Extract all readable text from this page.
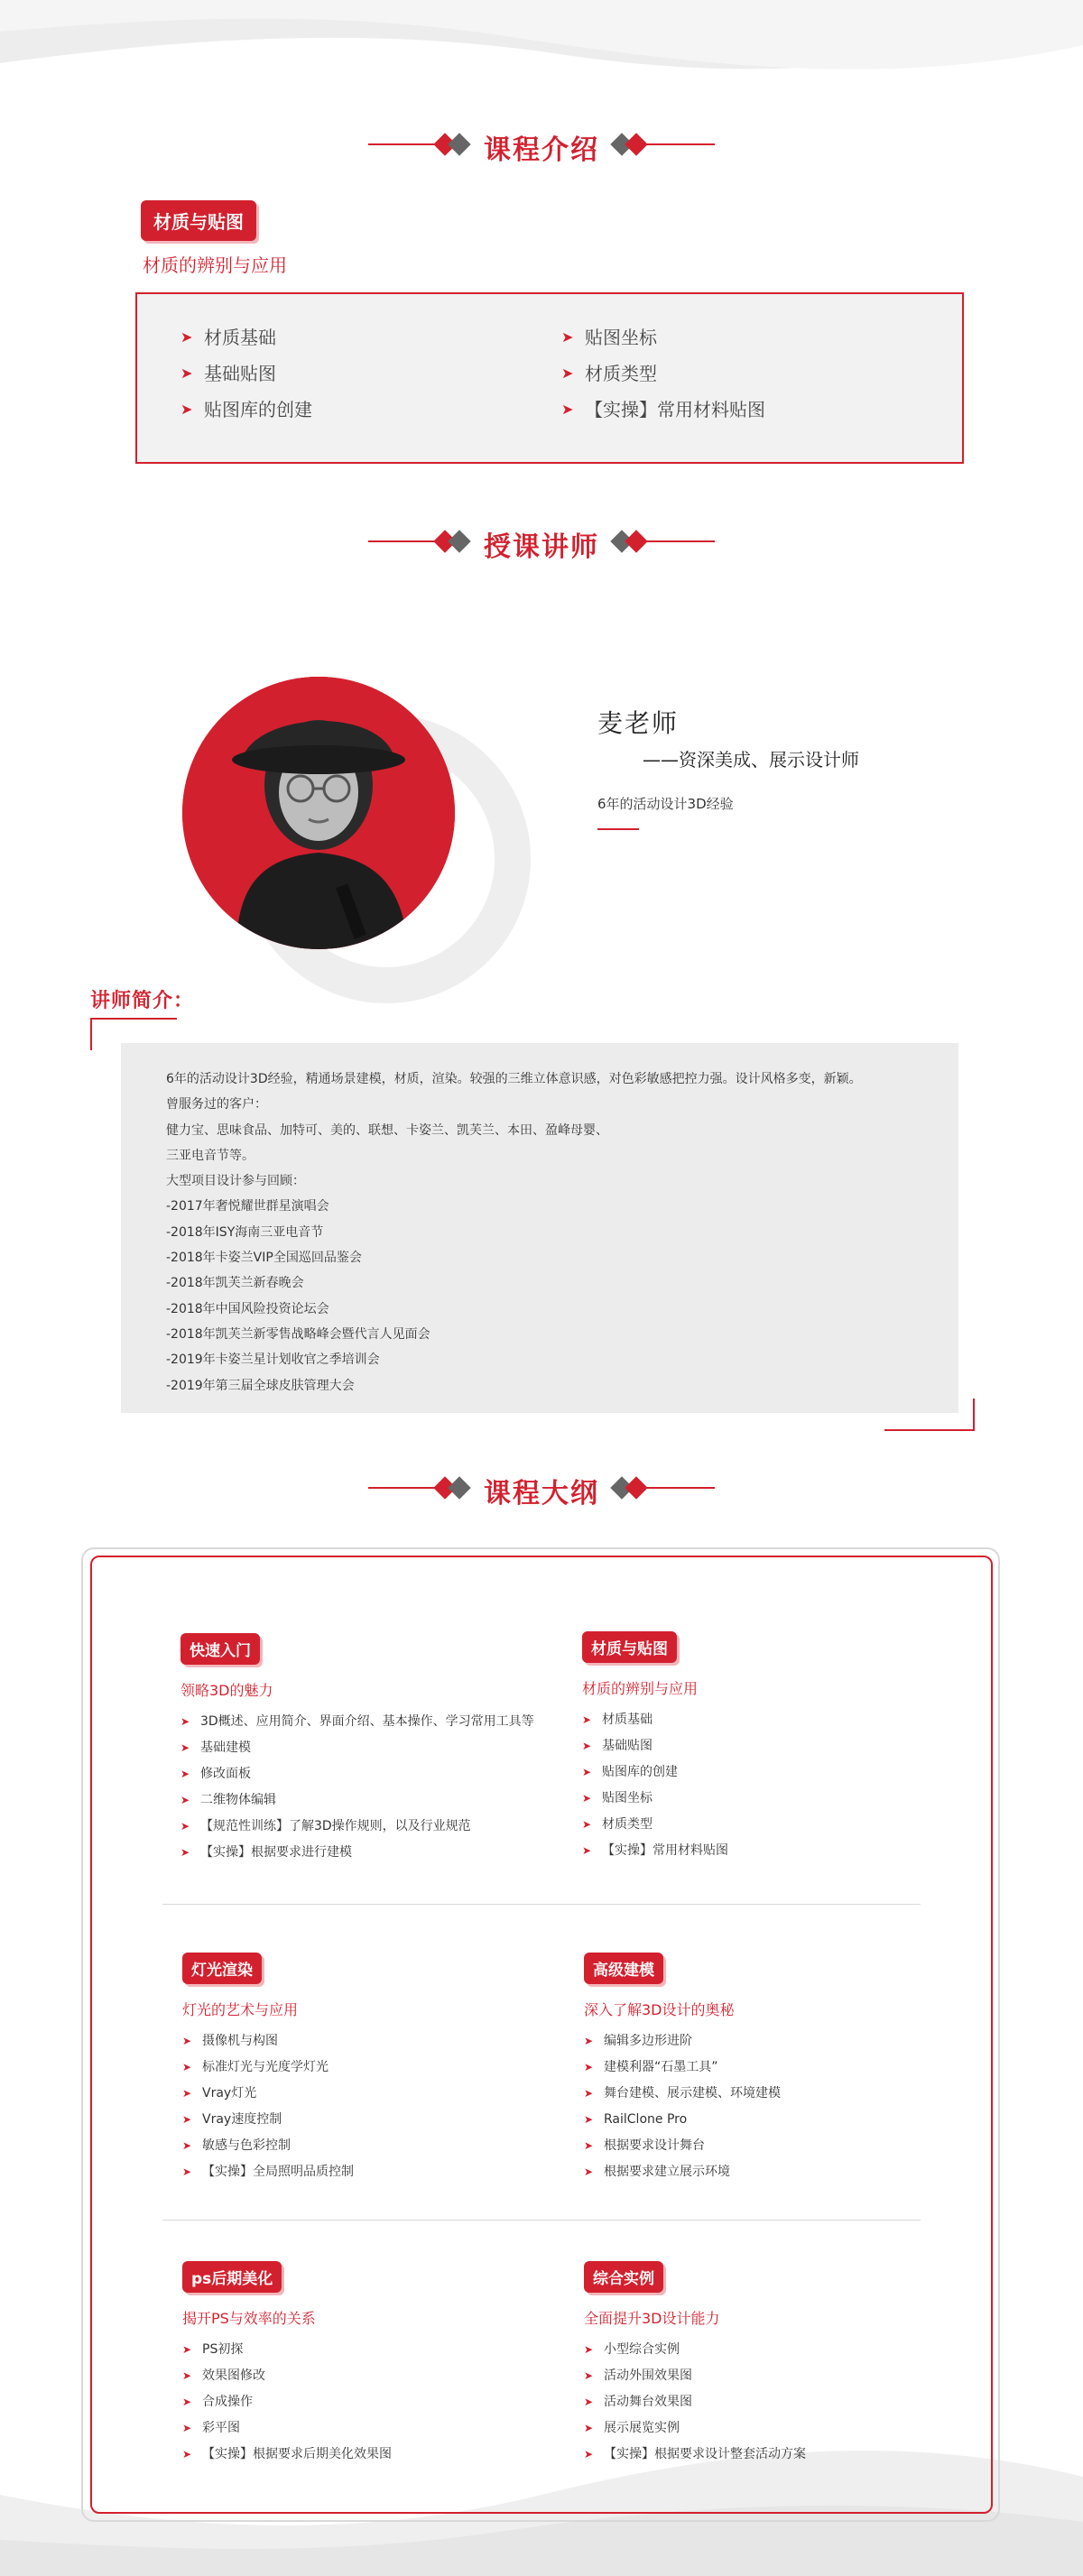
课程介绍
材质与贴图
材质的辨别与应用
➤ 材质基础
➤ 基础贴图
➤ 贴图库的创建
➤ 贴图坐标
➤ 材质类型
➤ 【实操】常用材料贴图
授课讲师
麦老师
——资深美成、展示设计师
6年的活动设计3D经验
讲师简介：

6年的活动设计3D经验，精通场景建模，材质，渲染。较强的三维立体意识感，对色彩敏感把控力强。设计风格多变，新颖。

曾服务过的客户：

健力宝、思味食品、加特可、美的、联想、卡姿兰、凯芙兰、本田、盈峰母婴、

三亚电音节等。

大型项目设计参与回顾：

-2017年奢悦耀世群星演唱会

-2018年ISY海南三亚电音节

-2018年卡姿兰VIP全国巡回品鉴会

-2018年凯芙兰新春晚会

-2018年中国风险投资论坛会

-2018年凯芙兰新零售战略峰会暨代言人见面会

-2019年卡姿兰星计划收官之季培训会

-2019年第三届全球皮肤管理大会

课程大纲
快速入门
领略3D的魅力
➤ 3D概述、应用简介、界面介绍、基本操作、学习常用工具等
➤ 基础建模
➤ 修改面板
➤ 二维物体编辑
➤ 【规范性训练】了解3D操作规则，以及行业规范
➤ 【实操】根据要求进行建模
材质与贴图
材质的辨别与应用
➤ 材质基础
➤ 基础贴图
➤ 贴图库的创建
➤ 贴图坐标
➤ 材质类型
➤ 【实操】常用材料贴图
灯光渲染
灯光的艺术与应用
➤ 摄像机与构图
➤ 标准灯光与光度学灯光
➤ Vray灯光
➤ Vray速度控制
➤ 敏感与色彩控制
➤ 【实操】全局照明品质控制
高级建模
深入了解3D设计的奥秘
➤ 编辑多边形进阶
➤ 建模利器“石墨工具”
➤ 舞台建模、展示建模、环境建模
➤ RailClone Pro
➤ 根据要求设计舞台
➤ 根据要求建立展示环境
ps后期美化
揭开PS与效率的关系
➤ PS初探
➤ 效果图修改
➤ 合成操作
➤ 彩平图
➤ 【实操】根据要求后期美化效果图
综合实例
全面提升3D设计能力
➤ 小型综合实例
➤ 活动外围效果图
➤ 活动舞台效果图
➤ 展示展览实例
➤ 【实操】根据要求设计整套活动方案
